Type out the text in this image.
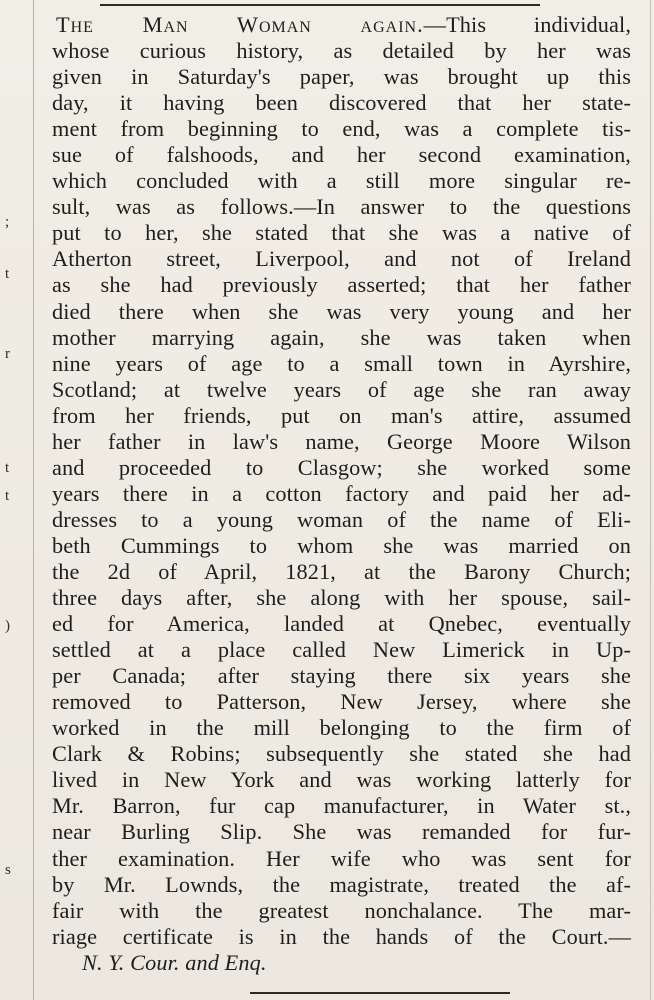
;
t
r
t
t
)
s
The Man Woman again.—This individual,
whose curious history, as detailed by her was
given in Saturday's paper, was brought up this
day, it having been discovered that her state-
ment from beginning to end, was a complete tis-
sue of falshoods, and her second examination,
which concluded with a still more singular re-
sult, was as follows.—In answer to the questions
put to her, she stated that she was a native of
Atherton street, Liverpool, and not of Ireland
as she had previously asserted; that her father
died there when she was very young and her
mother marrying again, she was taken when
nine years of age to a small town in Ayrshire,
Scotland; at twelve years of age she ran away
from her friends, put on man's attire, assumed
her father in law's name, George Moore Wilson
and proceeded to Clasgow; she worked some
years there in a cotton factory and paid her ad-
dresses to a young woman of the name of Eli-
beth Cummings to whom she was married on
the 2d of April, 1821, at the Barony Church;
three days after, she along with her spouse, sail-
ed for America, landed at Qnebec, eventually
settled at a place called New Limerick in Up-
per Canada; after staying there six years she
removed to Patterson, New Jersey, where she
worked in the mill belonging to the firm of
Clark & Robins; subsequently she stated she had
lived in New York and was working latterly for
Mr. Barron, fur cap manufacturer, in Water st.,
near Burling Slip. She was remanded for fur-
ther examination. Her wife who was sent for
by Mr. Lownds, the magistrate, treated the af-
fair with the greatest nonchalance. The mar-
riage certificate is in the hands of the Court.—
N. Y. Cour. and Enq.
